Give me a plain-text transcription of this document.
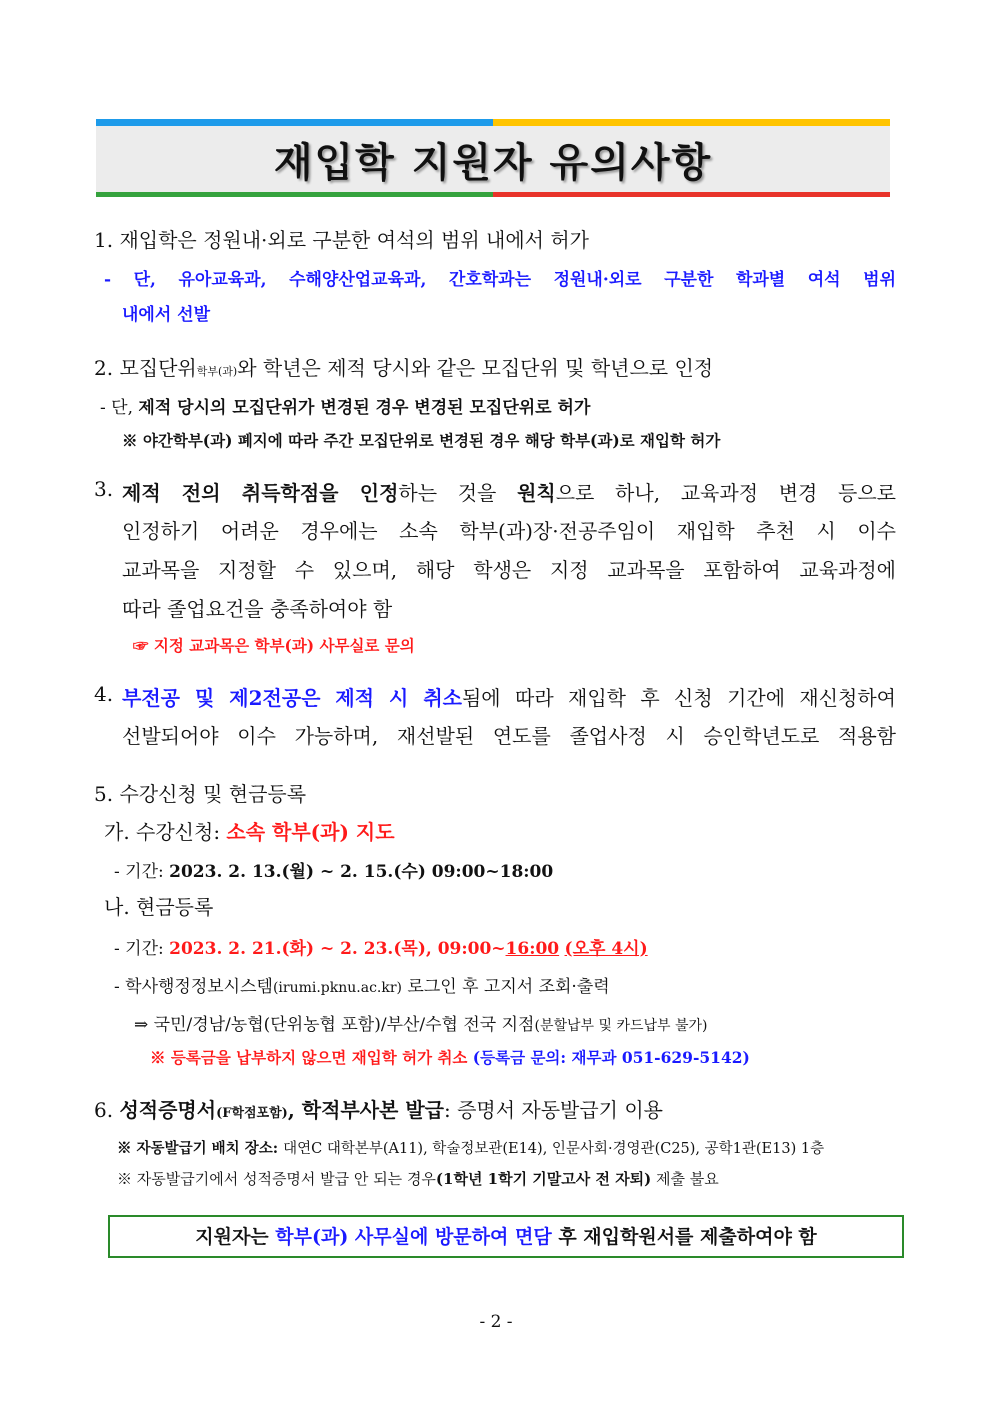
재입학 지원자 유의사항
1. 재입학은 정원내·외로 구분한 여석의 범위 내에서 허가
- 단, 유아교육과, 수해양산업교육과, 간호학과는 정원내·외로 구분한 학과별 여석 범위
내에서 선발
2. 모집단위학부(과)와 학년은 제적 당시와 같은 모집단위 및 학년으로 인정
- 단, 제적 당시의 모집단위가 변경된 경우 변경된 모집단위로 허가
※ 야간학부(과) 폐지에 따라 주간 모집단위로 변경된 경우 해당 학부(과)로 재입학 허가
3. 제적 전의 취득학점을 인정하는 것을 원칙으로 하나, 교육과정 변경 등으로
인정하기 어려운 경우에는 소속 학부(과)장·전공주임이 재입학 추천 시 이수
교과목을 지정할 수 있으며, 해당 학생은 지정 교과목을 포함하여 교육과정에
따라 졸업요건을 충족하여야 함
☞ 지정 교과목은 학부(과) 사무실로 문의
4. 부전공 및 제2전공은 제적 시 취소됨에 따라 재입학 후 신청 기간에 재신청하여
선발되어야 이수 가능하며, 재선발된 연도를 졸업사정 시 승인학년도로 적용함
5. 수강신청 및 현금등록
가. 수강신청: 소속 학부(과) 지도
- 기간: 2023. 2. 13.(월) ~ 2. 15.(수) 09:00~18:00
나. 현금등록
- 기간: 2023. 2. 21.(화) ~ 2. 23.(목), 09:00~16:00 (오후 4시)
- 학사행정정보시스템(irumi.pknu.ac.kr) 로그인 후 고지서 조회·출력
⇒ 국민/경남/농협(단위농협 포함)/부산/수협 전국 지점(분할납부 및 카드납부 불가)
※ 등록금을 납부하지 않으면 재입학 허가 취소 (등록금 문의: 재무과 051-629-5142)
6. 성적증명서(F학점포함), 학적부사본 발급: 증명서 자동발급기 이용
※ 자동발급기 배치 장소: 대연C 대학본부(A11), 학술정보관(E14), 인문사회·경영관(C25), 공학1관(E13) 1층
※ 자동발급기에서 성적증명서 발급 안 되는 경우(1학년 1학기 기말고사 전 자퇴) 제출 불요
지원자는 학부(과) 사무실에 방문하여 면담 후 재입학원서를 제출하여야 함
- 2 -
